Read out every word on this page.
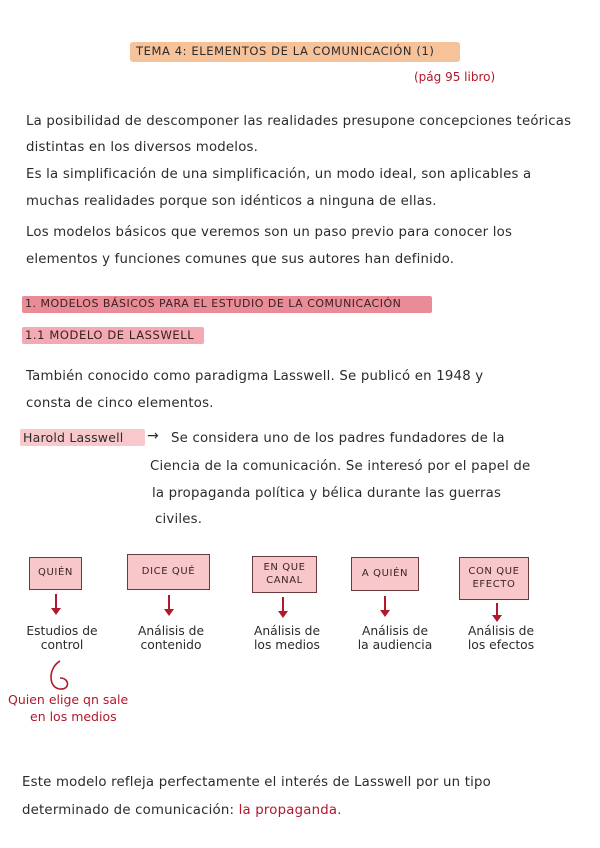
TEMA 4: ELEMENTOS DE LA COMUNICACIÓN (1)
(pág 95 libro)
La posibilidad de descomponer las realidades presupone concepciones teóricas
distintas en los diversos modelos.
Es la simplificación de una simplificación, un modo ideal, son aplicables a
muchas realidades porque son idénticos a ninguna de ellas.
Los modelos básicos que veremos son un paso previo para conocer los
elementos y funciones comunes que sus autores han definido.
1. MODELOS BÁSICOS PARA EL ESTUDIO DE LA COMUNICACIÓN
1.1 MODELO DE LASSWELL
También conocido como paradigma Lasswell. Se publicó en 1948 y
consta de cinco elementos.
Harold Lasswell → Se considera uno de los padres fundadores de la
Ciencia de la comunicación. Se interesó por el papel de
la propaganda política y bélica durante las guerras
civiles.
QUIÉN	DICE QUÉ	EN QUE
CANAL
A QUIÉN	CON QUE
EFECTO
Estudios de
control
Análisis de
contenido
Análisis de
los medios
Análisis de
la audiencia
Análisis de
los efectos
Quien elige qn sale
en los medios
Este modelo refleja perfectamente el interés de Lasswell por un tipo
determinado de comunicación: la propaganda.
